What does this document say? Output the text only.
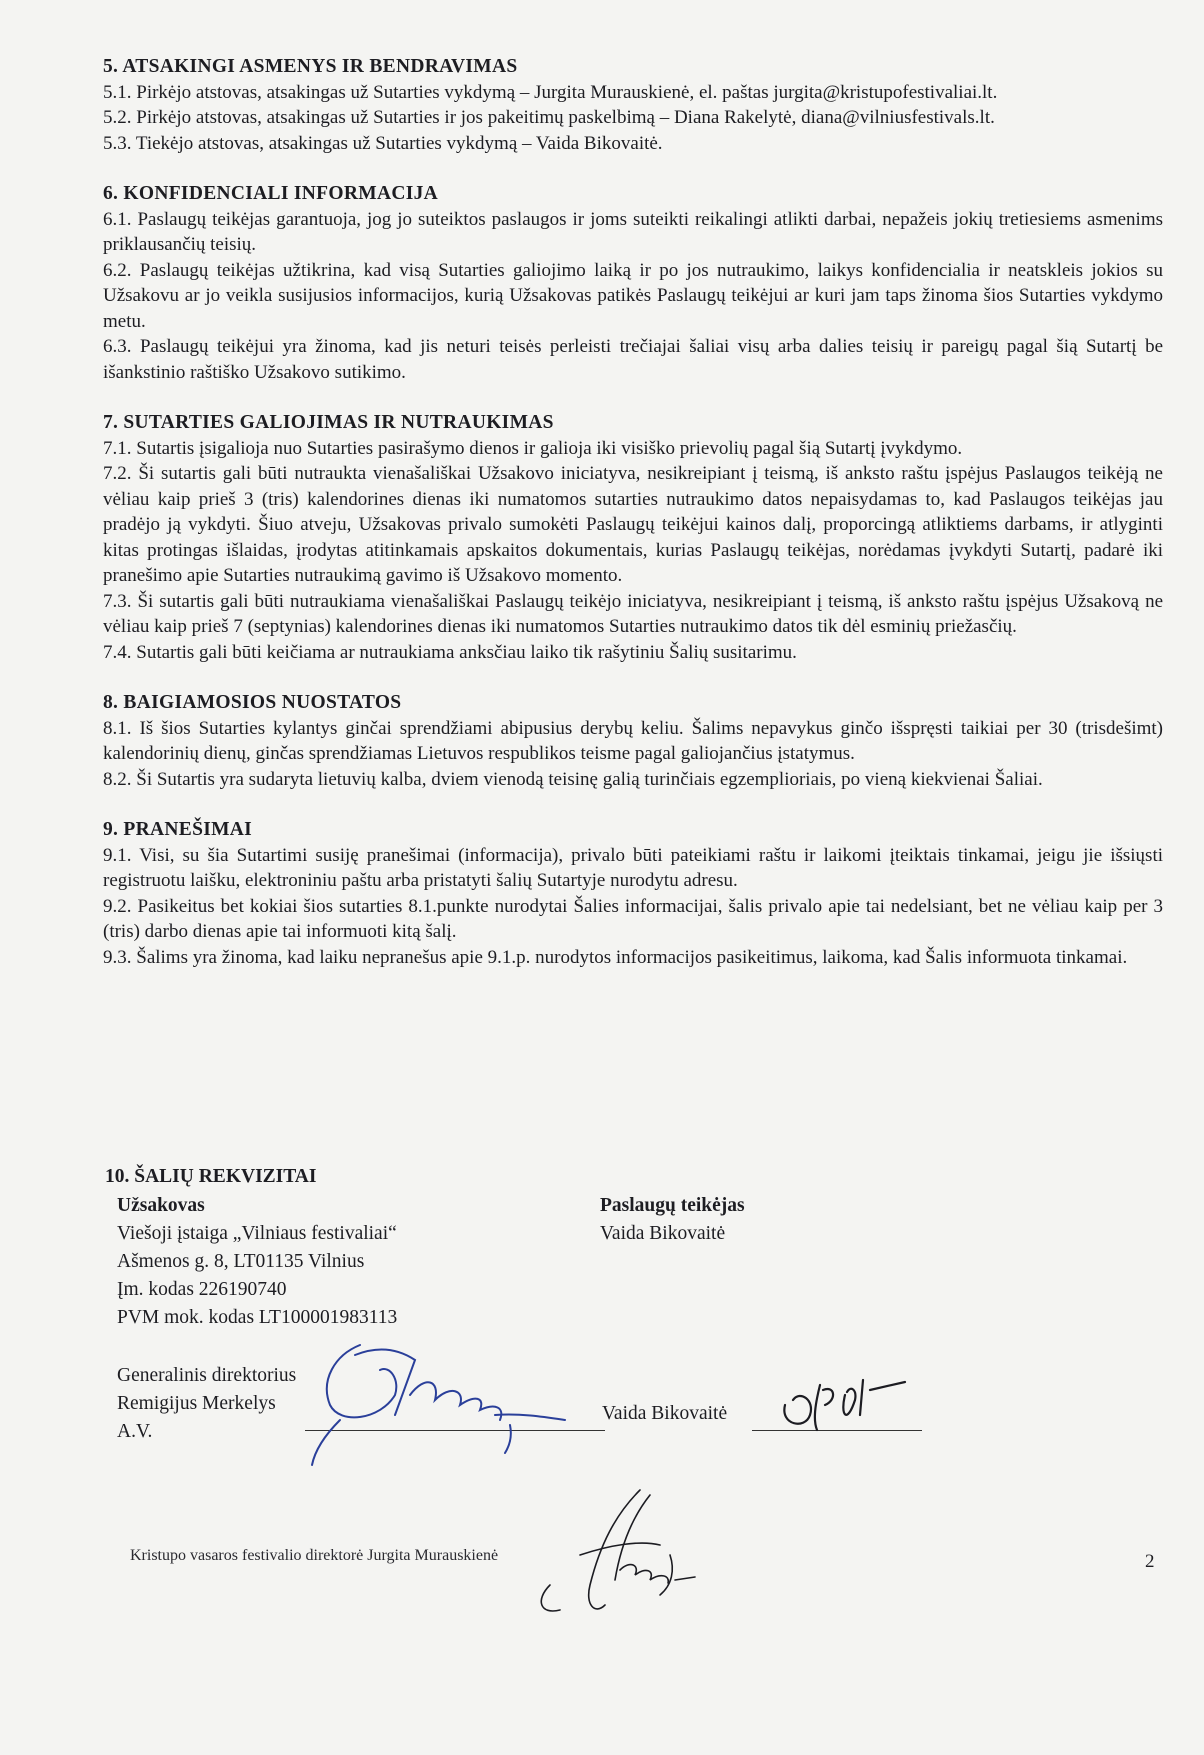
5. ATSAKINGI ASMENYS IR BENDRAVIMAS

5.1. Pirkėjo atstovas, atsakingas už Sutarties vykdymą – Jurgita Murauskienė, el. paštas jurgita@kristupofestivaliai.lt.

5.2. Pirkėjo atstovas, atsakingas už Sutarties ir jos pakeitimų paskelbimą – Diana Rakelytė, diana@vilniusfestivals.lt.

5.3. Tiekėjo atstovas, atsakingas už Sutarties vykdymą – Vaida Bikovaitė.

6. KONFIDENCIALI INFORMACIJA

6.1. Paslaugų teikėjas garantuoja, jog jo suteiktos paslaugos ir joms suteikti reikalingi atlikti darbai, nepažeis jokių tretiesiems asmenims priklausančių teisių.

6.2. Paslaugų teikėjas užtikrina, kad visą Sutarties galiojimo laiką ir po jos nutraukimo, laikys konfidencialia ir neatskleis jokios su Užsakovu ar jo veikla susijusios informacijos, kurią Užsakovas patikės Paslaugų teikėjui ar kuri jam taps žinoma šios Sutarties vykdymo metu.

6.3. Paslaugų teikėjui yra žinoma, kad jis neturi teisės perleisti trečiajai šaliai visų arba dalies teisių ir pareigų pagal šią Sutartį be išankstinio raštiško Užsakovo sutikimo.

7. SUTARTIES GALIOJIMAS IR NUTRAUKIMAS

7.1. Sutartis įsigalioja nuo Sutarties pasirašymo dienos ir galioja iki visiško prievolių pagal šią Sutartį įvykdymo.

7.2. Ši sutartis gali būti nutraukta vienašališkai Užsakovo iniciatyva, nesikreipiant į teismą, iš anksto raštu įspėjus Paslaugos teikėją ne vėliau kaip prieš 3 (tris) kalendorines dienas iki numatomos sutarties nutraukimo datos nepaisydamas to, kad Paslaugos teikėjas jau pradėjo ją vykdyti. Šiuo atveju, Užsakovas privalo sumokėti Paslaugų teikėjui kainos dalį, proporcingą atliktiems darbams, ir atlyginti kitas protingas išlaidas, įrodytas atitinkamais apskaitos dokumentais, kurias Paslaugų teikėjas, norėdamas įvykdyti Sutartį, padarė iki pranešimo apie Sutarties nutraukimą gavimo iš Užsakovo momento.

7.3. Ši sutartis gali būti nutraukiama vienašališkai Paslaugų teikėjo iniciatyva, nesikreipiant į teismą, iš anksto raštu įspėjus Užsakovą ne vėliau kaip prieš 7 (septynias) kalendorines dienas iki numatomos Sutarties nutraukimo datos tik dėl esminių priežasčių.

7.4. Sutartis gali būti keičiama ar nutraukiama anksčiau laiko tik rašytiniu Šalių susitarimu.

8. BAIGIAMOSIOS NUOSTATOS

8.1. Iš šios Sutarties kylantys ginčai sprendžiami abipusius derybų keliu. Šalims nepavykus ginčo išspręsti taikiai per 30 (trisdešimt) kalendorinių dienų, ginčas sprendžiamas Lietuvos respublikos teisme pagal galiojančius įstatymus.

8.2. Ši Sutartis yra sudaryta lietuvių kalba, dviem vienodą teisinę galią turinčiais egzemplioriais, po vieną kiekvienai Šaliai.

9. PRANEŠIMAI

9.1. Visi, su šia Sutartimi susiję pranešimai (informacija), privalo būti pateikiami raštu ir laikomi įteiktais tinkamai, jeigu jie išsiųsti registruotu laišku, elektroniniu paštu arba pristatyti šalių Sutartyje nurodytu adresu.

9.2. Pasikeitus bet kokiai šios sutarties 8.1.punkte nurodytai Šalies informacijai, šalis privalo apie tai nedelsiant, bet ne vėliau kaip per 3 (tris) darbo dienas apie tai informuoti kitą šalį.

9.3. Šalims yra žinoma, kad laiku nepranešus apie 9.1.p. nurodytos informacijos pasikeitimus, laikoma, kad Šalis informuota tinkamai.

10. ŠALIŲ REKVIZITAI
Užsakovas
Viešoji įstaiga „Vilniaus festivaliai“
Ašmenos g. 8, LT01135 Vilnius
Įm. kodas 226190740
PVM mok. kodas LT100001983113
Generalinis direktorius
Remigijus Merkelys
A.V.
Paslaugų teikėjas
Vaida Bikovaitė
Vaida Bikovaitė
Kristupo vasaros festivalio direktorė Jurgita Murauskienė	2
